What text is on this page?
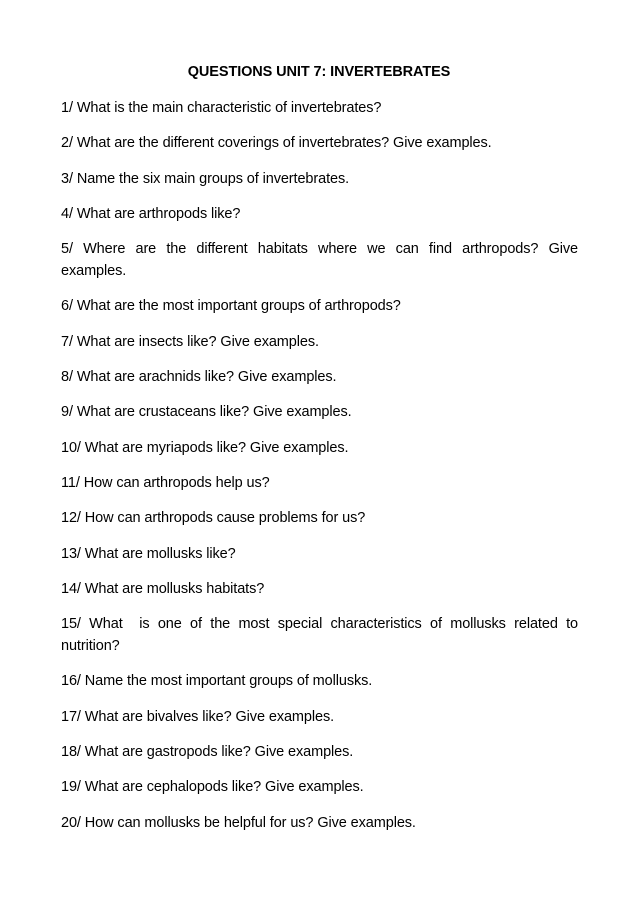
QUESTIONS UNIT 7: INVERTEBRATES
1/ What is the main characteristic of invertebrates?
2/ What are the different coverings of invertebrates? Give examples.
3/ Name the six main groups of invertebrates.
4/ What are arthropods like?
5/ Where are the different habitats where we can find arthropods? Give examples.
6/ What are the most important groups of arthropods?
7/ What are insects like? Give examples.
8/ What are arachnids like? Give examples.
9/ What are crustaceans like? Give examples.
10/ What are myriapods like? Give examples.
11/ How can arthropods help us?
12/ How can arthropods cause problems for us?
13/ What are mollusks like?
14/ What are mollusks habitats?
15/ What  is one of the most special characteristics of mollusks related to nutrition?
16/ Name the most important groups of mollusks.
17/ What are bivalves like? Give examples.
18/ What are gastropods like? Give examples.
19/ What are cephalopods like? Give examples.
20/ How can mollusks be helpful for us? Give examples.
